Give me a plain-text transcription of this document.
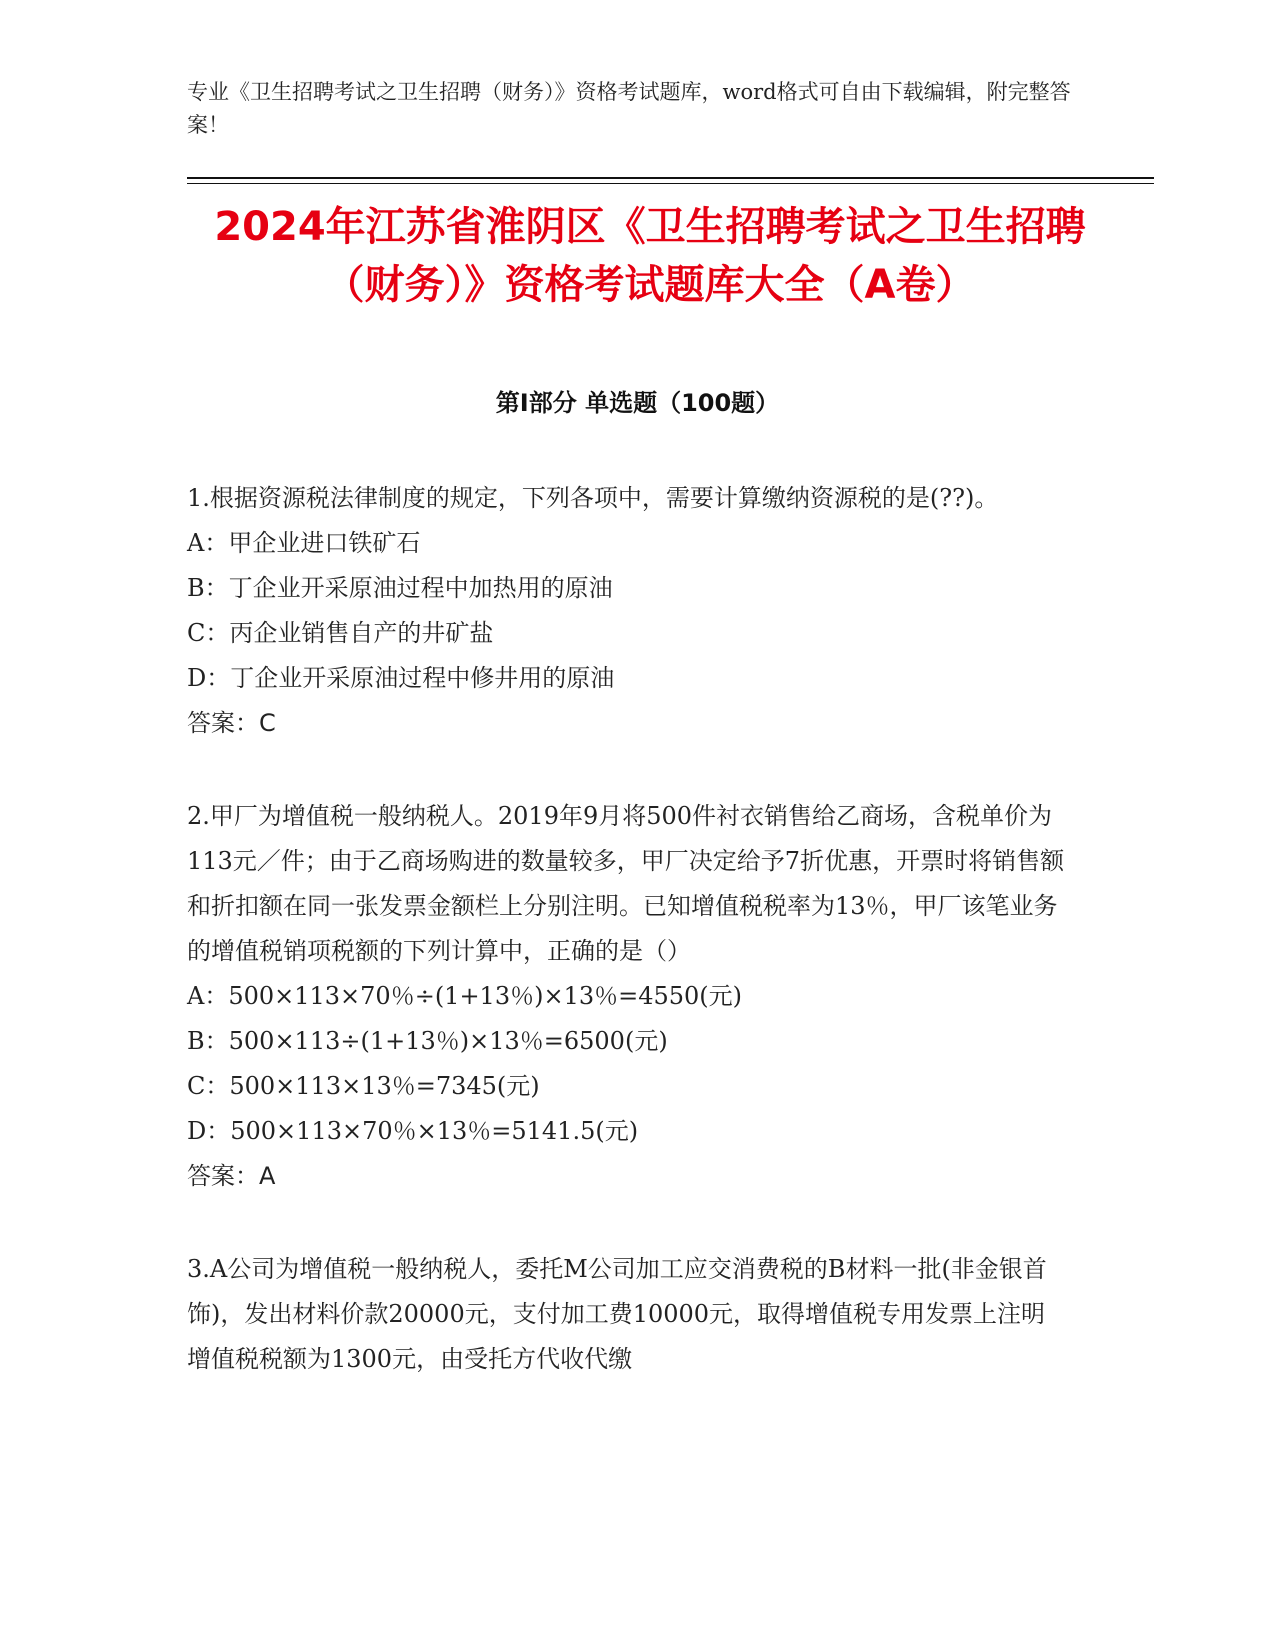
专业《卫生招聘考试之卫生招聘（财务）》资格考试题库，word格式可自由下载编辑，附完整答案！
2024年江苏省淮阴区《卫生招聘考试之卫生招聘（财务）》资格考试题库大全（A卷）
第Ⅰ部分 单选题（100题）
1.根据资源税法律制度的规定，下列各项中，需要计算缴纳资源税的是(??)。
A：甲企业进口铁矿石
B：丁企业开采原油过程中加热用的原油
C：丙企业销售自产的井矿盐
D：丁企业开采原油过程中修井用的原油
答案：C
2.甲厂为增值税一般纳税人。2019年9月将500件衬衣销售给乙商场，含税单价为113元／件；由于乙商场购进的数量较多，甲厂决定给予7折优惠，开票时将销售额和折扣额在同一张发票金额栏上分别注明。已知增值税税率为13％，甲厂该笔业务的增值税销项税额的下列计算中，正确的是（）
A：500×113×70％÷(1+13％)×13％=4550(元)
B：500×113÷(1+13％)×13％=6500(元)
C：500×113×13％=7345(元)
D：500×113×70％×13％=5141.5(元)
答案：A
3.A公司为增值税一般纳税人，委托M公司加工应交消费税的B材料一批(非金银首饰)，发出材料价款20000元，支付加工费10000元，取得增值税专用发票上注明增值税税额为1300元，由受托方代收代缴
